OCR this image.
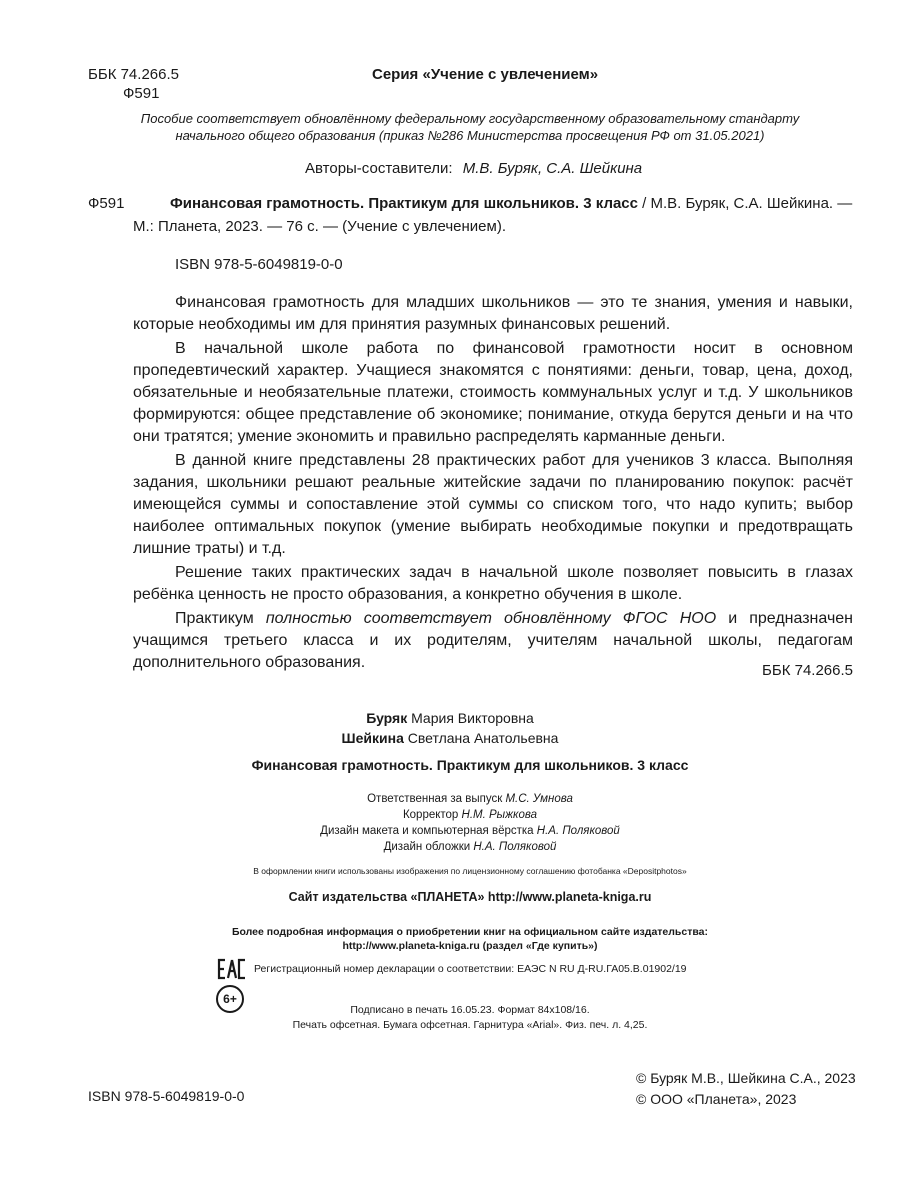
ББК 74.266.5
Ф591
Серия «Учение с увлечением»
Пособие соответствует обновлённому федеральному государственному образовательному стандарту
начального общего образования (приказ №286 Министерства просвещения РФ от 31.05.2021)
Авторы-составители: М.В. Буряк, С.А. Шейкина
Ф591	Финансовая грамотность. Практикум для школьников. 3 класс / М.В. Буряк, С.А. Шейкина. —
М.: Планета, 2023. — 76 с. — (Учение с увлечением).
ISBN 978-5-6049819-0-0

Финансовая грамотность для младших школьников — это те знания, умения и навыки, которые необходимы им для принятия разумных финансовых решений.

В начальной школе работа по финансовой грамотности носит в основном пропедевтический характер. Учащиеся знакомятся с понятиями: деньги, товар, цена, доход, обязательные и необязательные платежи, стоимость коммунальных услуг и т.д. У школьников формируются: общее представление об экономике; понимание, откуда берутся деньги и на что они тратятся; умение экономить и правильно распределять карманные деньги.

В данной книге представлены 28 практических работ для учеников 3 класса. Выполняя задания, школьники решают реальные житейские задачи по планированию покупок: расчёт имеющейся суммы и сопоставление этой суммы со списком того, что надо купить; выбор наиболее оптимальных покупок (умение выбирать необходимые покупки и предотвращать лишние траты) и т.д.

Решение таких практических задач в начальной школе позволяет повысить в глазах ребёнка ценность не просто образования, а конкретно обучения в школе.

Практикум полностью соответствует обновлённому ФГОС НОО и предназначен учащимся третьего класса и их родителям, учителям начальной школы, педагогам дополнительного образования.	ББК 74.266.5
Буряк Мария Викторовна
Шейкина Светлана Анатольевна
Финансовая грамотность. Практикум для школьников. 3 класс
Ответственная за выпуск М.С. Умнова
Корректор Н.М. Рыжкова
Дизайн макета и компьютерная вёрстка Н.А. Поляковой
Дизайн обложки Н.А. Поляковой
В оформлении книги использованы изображения по лицензионному соглашению фотобанка «Depositphotos»
Сайт издательства «ПЛАНЕТА» http://www.planeta-kniga.ru
Более подробная информация о приобретении книг на официальном сайте издательства:
http://www.planeta-kniga.ru (раздел «Где купить»)
ЕАС
Регистрационный номер декларации о соответствии: ЕАЭС N RU Д-RU.ГА05.В.01902/19
6+
Подписано в печать 16.05.23. Формат 84x108/16.
Печать офсетная. Бумага офсетная. Гарнитура «Arial». Физ. печ. л. 4,25.
ISBN 978-5-6049819-0-0
© Буряк М.В., Шейкина С.А., 2023
© ООО «Планета», 2023
